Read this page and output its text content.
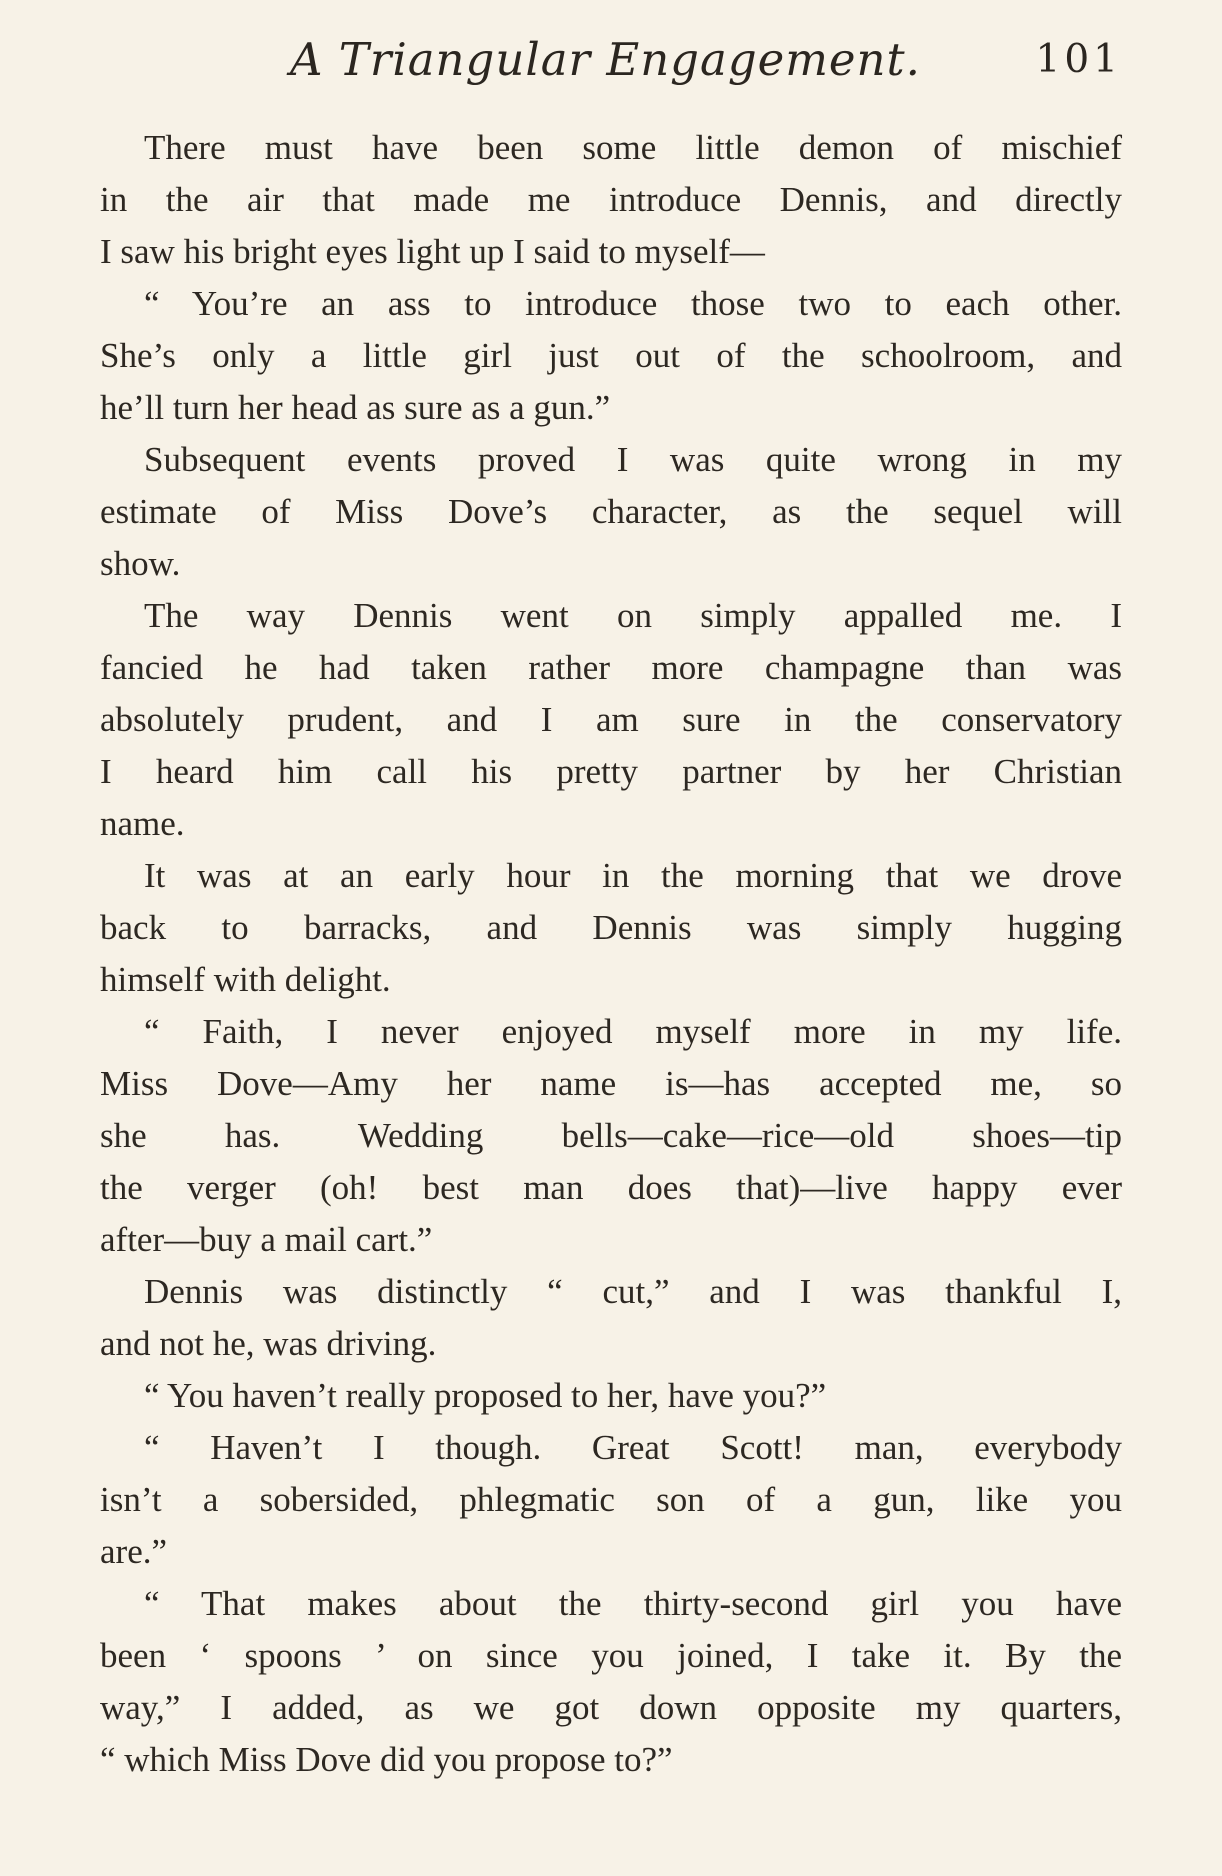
A Triangular Engagement.	101
There must have been some little demon of mischief
in the air that made me introduce Dennis, and directly
I saw his bright eyes light up I said to myself—
“ You’re an ass to introduce those two to each other.
She’s only a little girl just out of the schoolroom, and
he’ll turn her head as sure as a gun.”
Subsequent events proved I was quite wrong in my
estimate of Miss Dove’s character, as the sequel will
show.
The way Dennis went on simply appalled me. I
fancied he had taken rather more champagne than was
absolutely prudent, and I am sure in the conservatory
I heard him call his pretty partner by her Christian
name.
It was at an early hour in the morning that we drove
back to barracks, and Dennis was simply hugging
himself with delight.
“ Faith, I never enjoyed myself more in my life.
Miss Dove—Amy her name is—has accepted me, so
she has. Wedding bells—cake—rice—old shoes—tip
the verger (oh! best man does that)—live happy ever
after—buy a mail cart.”
Dennis was distinctly “ cut,” and I was thankful I,
and not he, was driving.
“ You haven’t really proposed to her, have you?”
“ Haven’t I though. Great Scott! man, everybody
isn’t a sobersided, phlegmatic son of a gun, like you
are.”
“ That makes about the thirty-second girl you have
been ‘ spoons ’ on since you joined, I take it. By the
way,” I added, as we got down opposite my quarters,
“ which Miss Dove did you propose to?”
